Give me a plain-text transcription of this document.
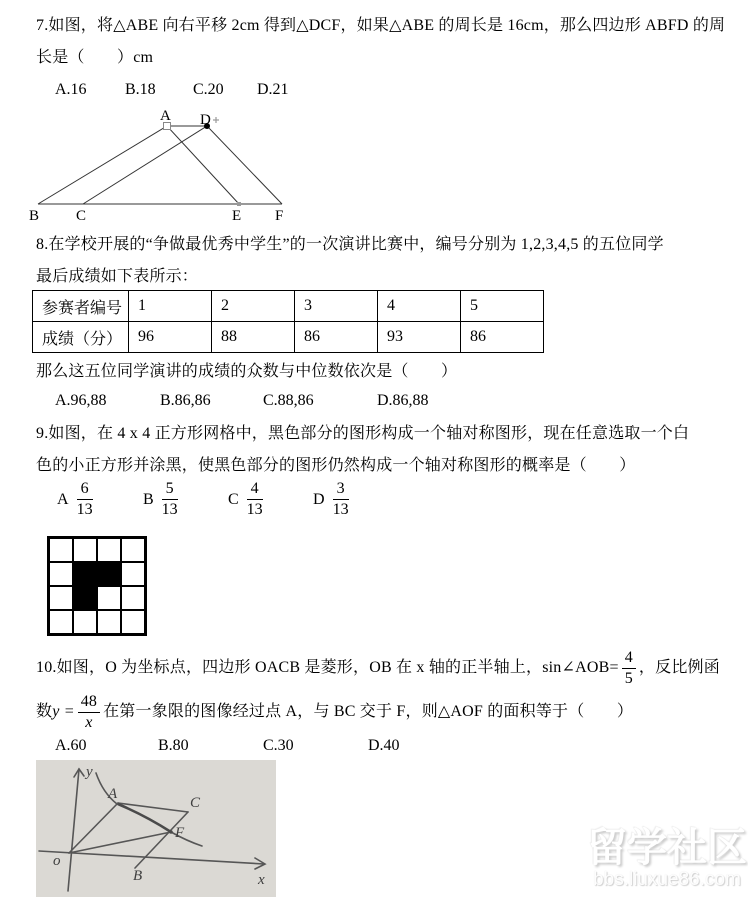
7.如图，将△ABE 向右平移 2cm 得到△DCF，如果△ABE 的周长是 16cm，那么四边形 ABFD 的周
长是（　　）cm
A.16 B.18 C.20 D.21
A D
B C	E F
8.在学校开展的“争做最优秀中学生”的一次演讲比赛中，编号分别为 1,2,3,4,5 的五位同学
最后成绩如下表所示：
参赛者编号	1	2	3	4	5
成绩（分）	96	88	86	93	86
那么这五位同学演讲的成绩的众数与中位数依次是（　　）
A.96,88	B.86,86	C.88,86	D.86,88
9.如图，在 4 x 4 正方形网格中，黑色部分的图形构成一个轴对称图形，现在任意选取一个白
色的小正方形并涂黑，使黑色部分的图形仍然构成一个轴对称图形的概率是（　　）
A $\frac{6}{13}$	B $\frac{5}{13}$	C $\frac{4}{13}$	D $\frac{3}{13}$
10.如图，O 为坐标点，四边形 OACB 是菱形，OB 在 x 轴的正半轴上，sin∠AOB= $\frac{4}{5}$ ，反比例函
数 $y = \frac{48}{x}$ 在第一象限的图像经过点 A，与 BC 交于 F，则△AOF 的面积等于（　　）
A.60	B.80	C.30	D.40
y
x
o
A
B
C
F	留学社区
bbs.liuxue86.com
